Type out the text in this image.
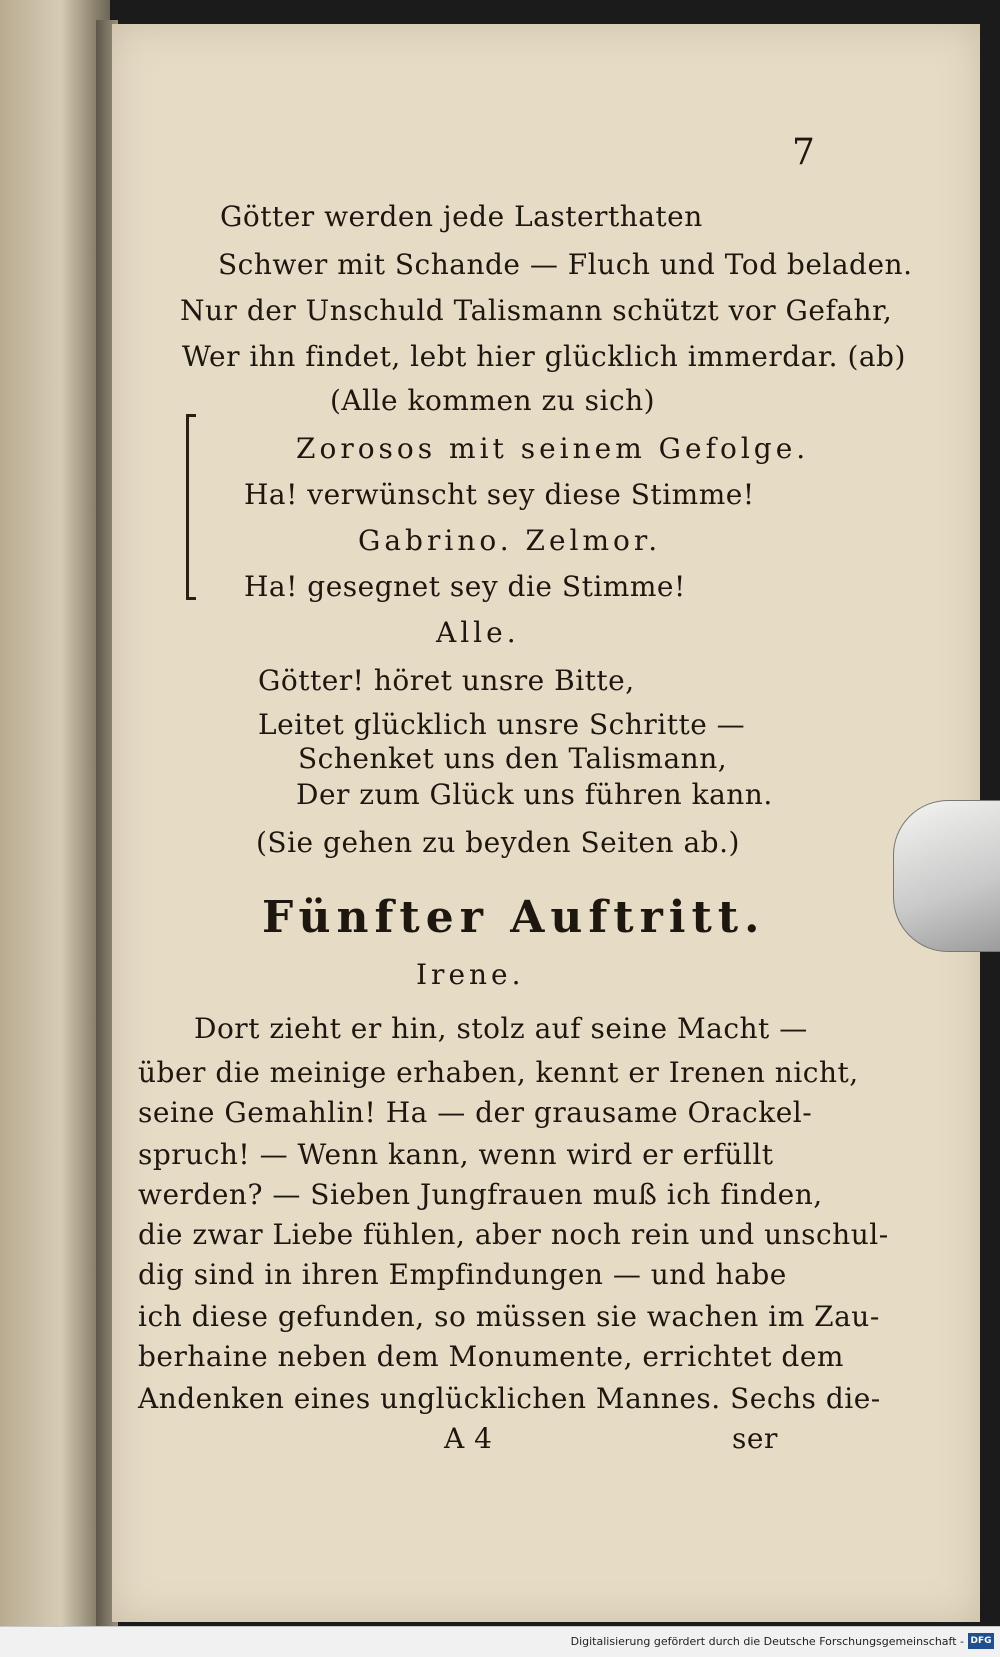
7
Götter werden jede Lasterthaten
Schwer mit Schande — Fluch und Tod beladen.
Nur der Unschuld Talismann schützt vor Gefahr,
Wer ihn findet, lebt hier glücklich immerdar. (ab)
(Alle kommen zu sich)
Zorosos mit seinem Gefolge.
Ha! verwünscht sey diese Stimme!
Gabrino. Zelmor.
Ha! gesegnet sey die Stimme!
Alle.
Götter! höret unsre Bitte,
Leitet glücklich unsre Schritte —
Schenket uns den Talismann,
Der zum Glück uns führen kann.
(Sie gehen zu beyden Seiten ab.)
Fünfter Auftritt.
Irene.
Dort zieht er hin, stolz auf seine Macht —
über die meinige erhaben, kennt er Irenen nicht,
seine Gemahlin! Ha — der grausame Orackel-
spruch! — Wenn kann, wenn wird er erfüllt
werden? — Sieben Jungfrauen muß ich finden,
die zwar Liebe fühlen, aber noch rein und unschul-
dig sind in ihren Empfindungen — und habe
ich diese gefunden, so müssen sie wachen im Zau-
berhaine neben dem Monumente, errichtet dem
Andenken eines unglücklichen Mannes. Sechs die-
A 4	ser
Digitalisierung gefördert durch die Deutsche Forschungsgemeinschaft - DFG
